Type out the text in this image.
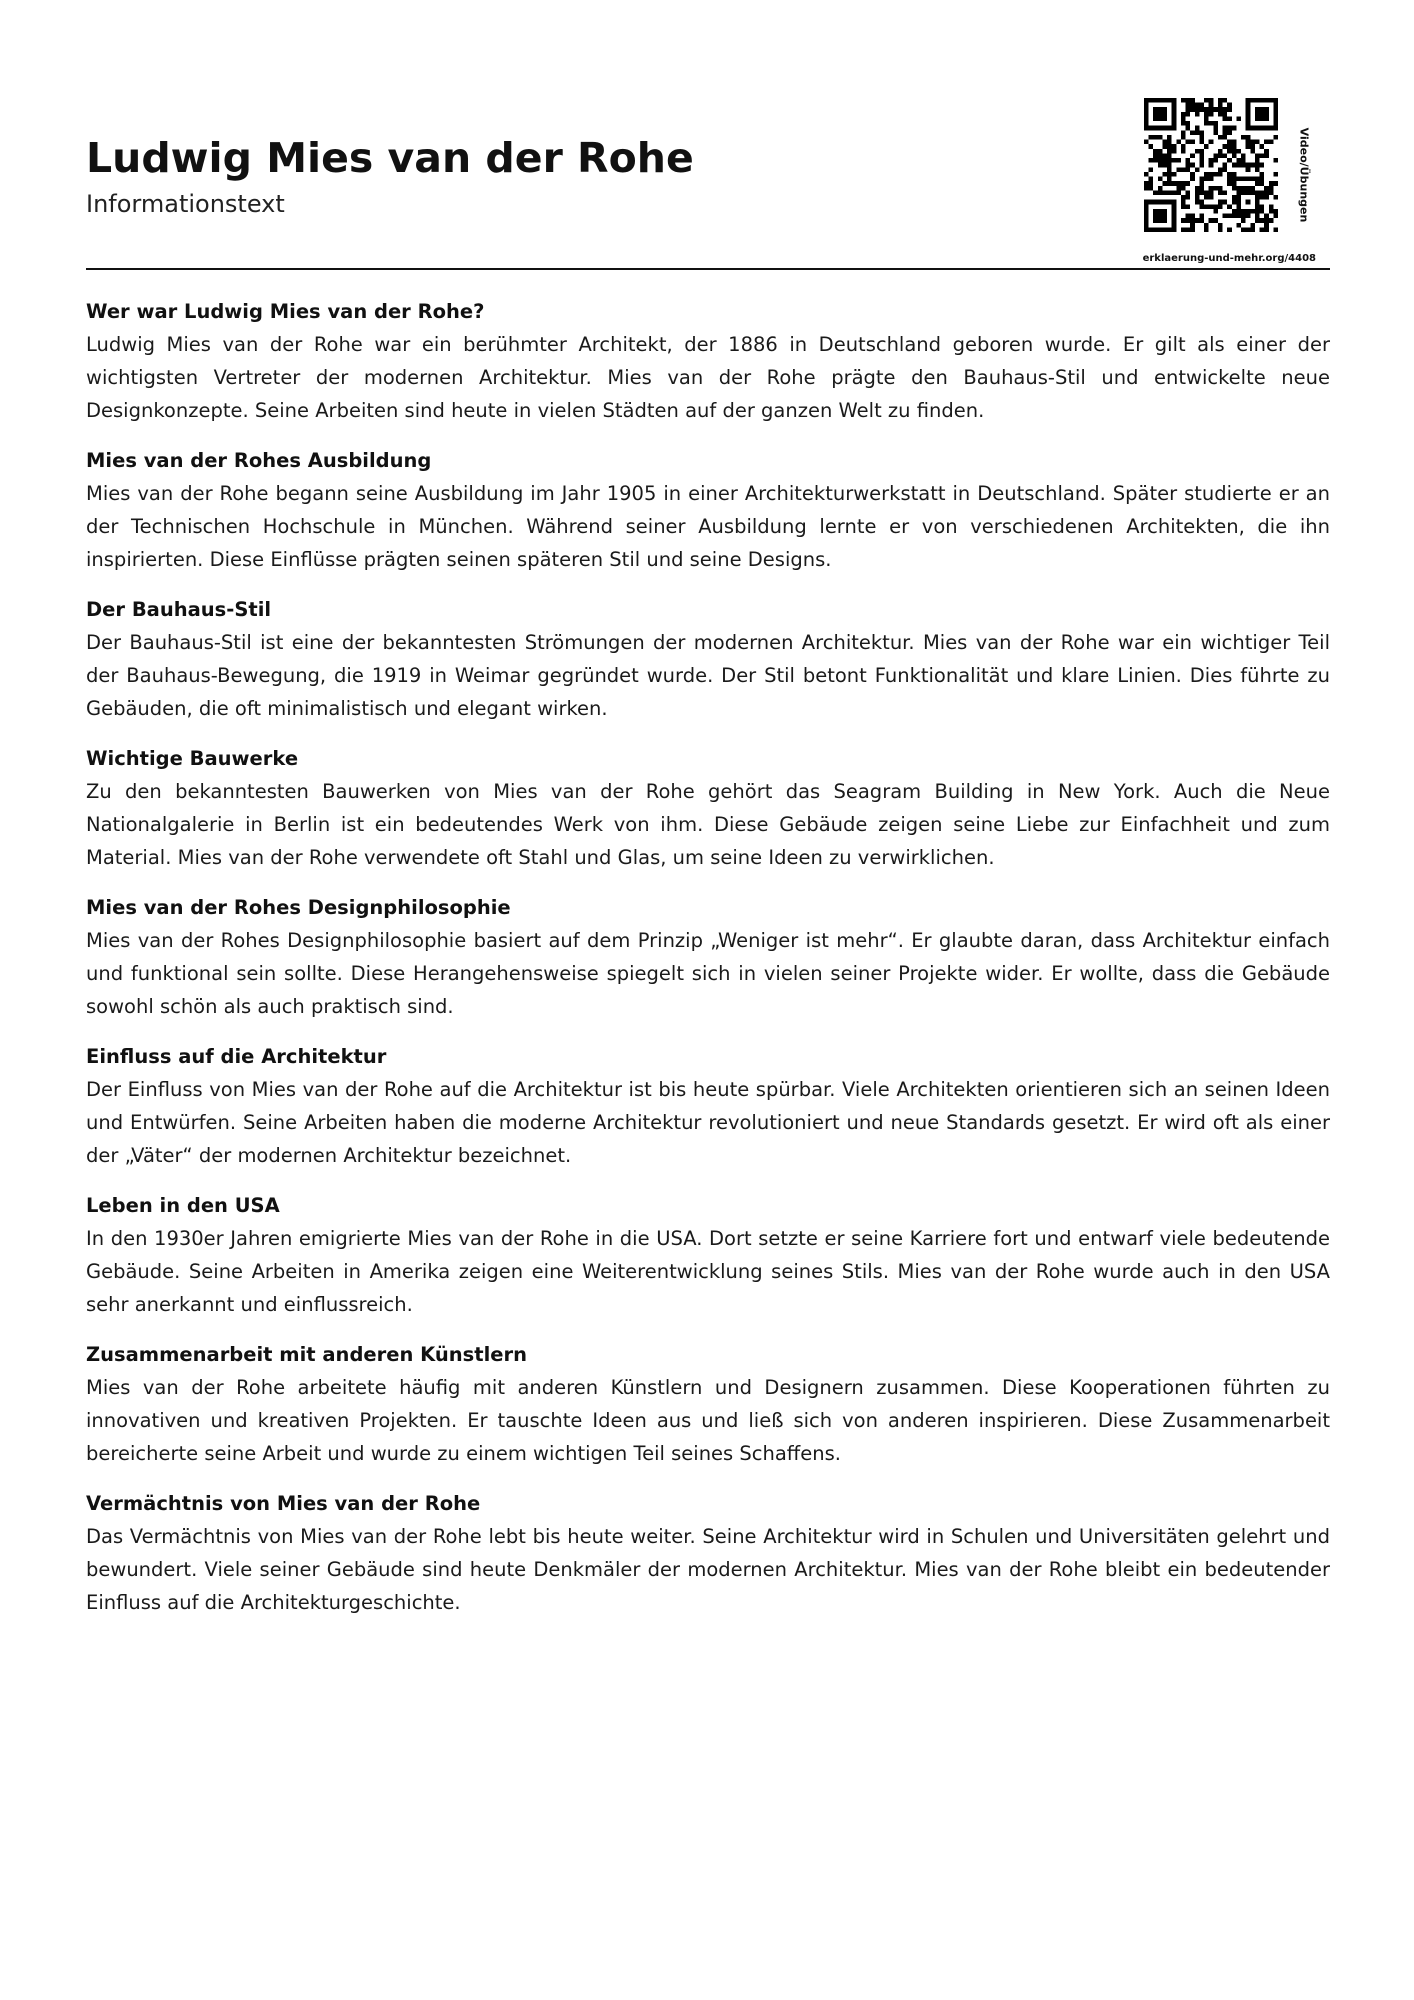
Ludwig Mies van der Rohe
Informationstext	Video/Übungen
erklaerung-und-mehr.org/4408
Wer war Ludwig Mies van der Rohe?

Ludwig Mies van der Rohe war ein berühmter Architekt, der 1886 in Deutschland geboren wurde. Er gilt als einer der wichtigsten Vertreter der modernen Architektur. Mies van der Rohe prägte den Bauhaus-Stil und entwickelte neue Designkonzepte. Seine Arbeiten sind heute in vielen Städten auf der ganzen Welt zu finden.

Mies van der Rohes Ausbildung

Mies van der Rohe begann seine Ausbildung im Jahr 1905 in einer Architekturwerkstatt in Deutschland. Später studierte er an der Technischen Hochschule in München. Während seiner Ausbildung lernte er von verschiedenen Architekten, die ihn inspirierten. Diese Einflüsse prägten seinen späteren Stil und seine Designs.

Der Bauhaus-Stil

Der Bauhaus-Stil ist eine der bekanntesten Strömungen der modernen Architektur. Mies van der Rohe war ein wichtiger Teil der Bauhaus-Bewegung, die 1919 in Weimar gegründet wurde. Der Stil betont Funktionalität und klare Linien. Dies führte zu Gebäuden, die oft minimalistisch und elegant wirken.

Wichtige Bauwerke

Zu den bekanntesten Bauwerken von Mies van der Rohe gehört das Seagram Building in New York. Auch die Neue Nationalgalerie in Berlin ist ein bedeutendes Werk von ihm. Diese Gebäude zeigen seine Liebe zur Einfachheit und zum Material. Mies van der Rohe verwendete oft Stahl und Glas, um seine Ideen zu verwirklichen.

Mies van der Rohes Designphilosophie

Mies van der Rohes Designphilosophie basiert auf dem Prinzip „Weniger ist mehr“. Er glaubte daran, dass Architektur einfach und funktional sein sollte. Diese Herangehensweise spiegelt sich in vielen seiner Projekte wider. Er wollte, dass die Gebäude sowohl schön als auch praktisch sind.

Einfluss auf die Architektur

Der Einfluss von Mies van der Rohe auf die Architektur ist bis heute spürbar. Viele Architekten orientieren sich an seinen Ideen und Entwürfen. Seine Arbeiten haben die moderne Architektur revolutioniert und neue Standards gesetzt. Er wird oft als einer der „Väter“ der modernen Architektur bezeichnet.

Leben in den USA

In den 1930er Jahren emigrierte Mies van der Rohe in die USA. Dort setzte er seine Karriere fort und entwarf viele bedeutende Gebäude. Seine Arbeiten in Amerika zeigen eine Weiterentwicklung seines Stils. Mies van der Rohe wurde auch in den USA sehr anerkannt und einflussreich.

Zusammenarbeit mit anderen Künstlern

Mies van der Rohe arbeitete häufig mit anderen Künstlern und Designern zusammen. Diese Kooperationen führten zu innovativen und kreativen Projekten. Er tauschte Ideen aus und ließ sich von anderen inspirieren. Diese Zusammenarbeit bereicherte seine Arbeit und wurde zu einem wichtigen Teil seines Schaffens.

Vermächtnis von Mies van der Rohe

Das Vermächtnis von Mies van der Rohe lebt bis heute weiter. Seine Architektur wird in Schulen und Universitäten gelehrt und bewundert. Viele seiner Gebäude sind heute Denkmäler der modernen Architektur. Mies van der Rohe bleibt ein bedeutender Einfluss auf die Architekturgeschichte.
